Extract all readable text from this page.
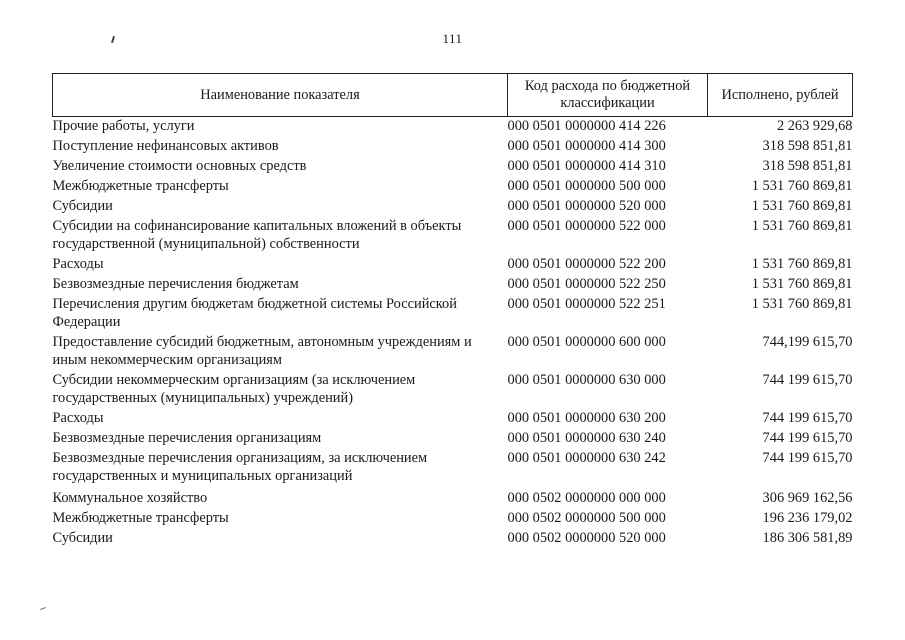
111
Наименование показателя	Код расхода по бюджетной классификации	Исполнено, рублей
Прочие работы, услуги	000 0501 0000000 414 226	2 263 929,68
Поступление нефинансовых активов	000 0501 0000000 414 300	318 598 851,81
Увеличение стоимости основных средств	000 0501 0000000 414 310	318 598 851,81
Межбюджетные трансферты	000 0501 0000000 500 000	1 531 760 869,81
Субсидии	000 0501 0000000 520 000	1 531 760 869,81
Субсидии на софинансирование капитальных вложений в объекты государственной (муниципальной) собственности	000 0501 0000000 522 000	1 531 760 869,81
Расходы	000 0501 0000000 522 200	1 531 760 869,81
Безвозмездные перечисления бюджетам	000 0501 0000000 522 250	1 531 760 869,81
Перечисления другим бюджетам бюджетной системы Российской Федерации	000 0501 0000000 522 251	1 531 760 869,81
Предоставление субсидий бюджетным, автономным учреждениям и иным некоммерческим организациям	000 0501 0000000 600 000	744,199 615,70
Субсидии некоммерческим организациям (за исключением государственных (муниципальных) учреждений)	000 0501 0000000 630 000	744 199 615,70
Расходы	000 0501 0000000 630 200	744 199 615,70
Безвозмездные перечисления организациям	000 0501 0000000 630 240	744 199 615,70
Безвозмездные перечисления организациям, за исключением государственных и муниципальных организаций	000 0501 0000000 630 242	744 199 615,70
Коммунальное хозяйство	000 0502 0000000 000 000	306 969 162,56
Межбюджетные трансферты	000 0502 0000000 500 000	196 236 179,02
Субсидии	000 0502 0000000 520 000	186 306 581,89
